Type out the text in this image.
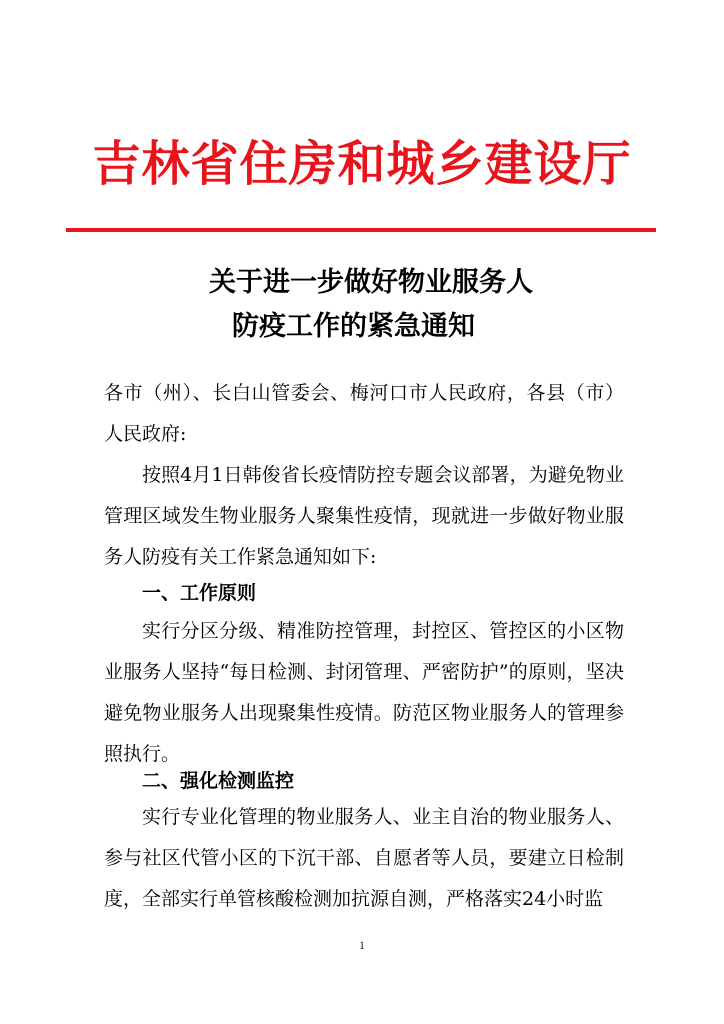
吉林省住房和城乡建设厅
关于进一步做好物业服务人
防疫工作的紧急通知

各市（州）、长白山管委会、梅河口市人民政府，各县（市）人民政府:

按照4月1日韩俊省长疫情防控专题会议部署，为避免物业管理区域发生物业服务人聚集性疫情，现就进一步做好物业服务人防疫有关工作紧急通知如下:

一、工作原则

实行分区分级、精准防控管理，封控区、管控区的小区物业服务人坚持“每日检测、封闭管理、严密防护”的原则，坚决避免物业服务人出现聚集性疫情。防范区物业服务人的管理参照执行。

二、强化检测监控

实行专业化管理的物业服务人、业主自治的物业服务人、参与社区代管小区的下沉干部、自愿者等人员，要建立日检制度，全部实行单管核酸检测加抗源自测，严格落实24小时监

1
